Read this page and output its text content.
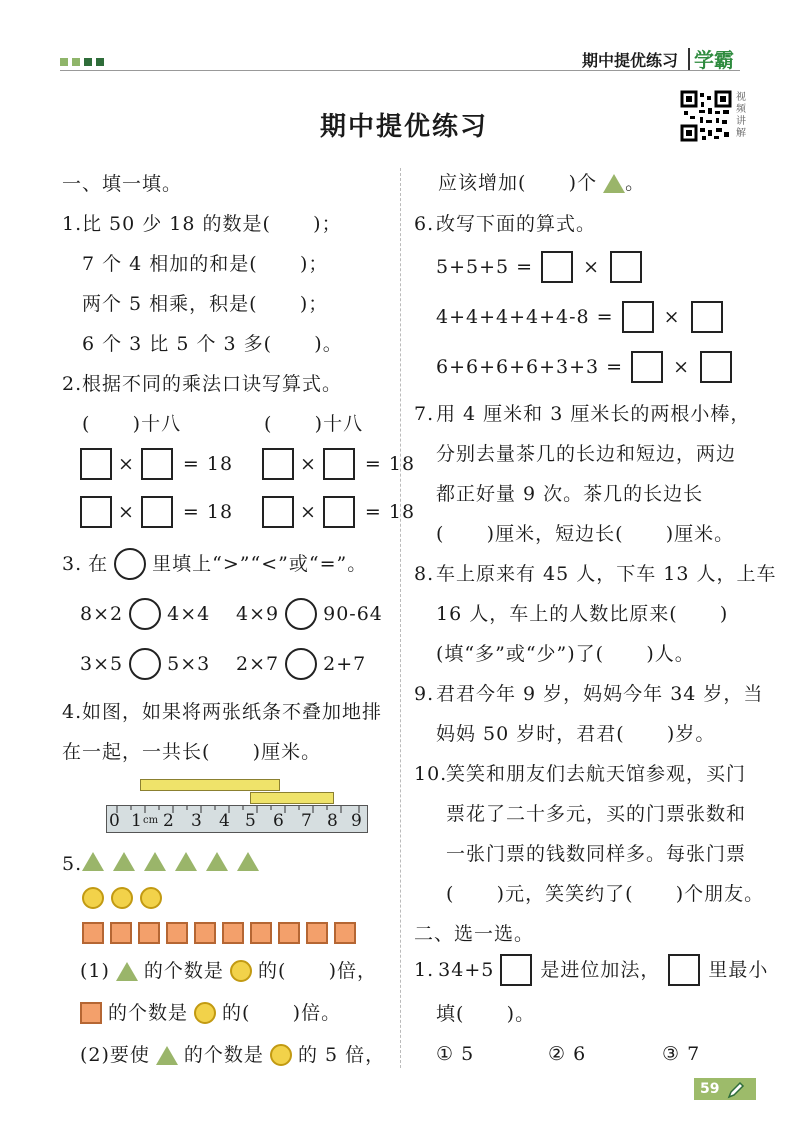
期中提优练习 学霸
期中提优练习
视频讲解
一、填一填。
1. 比 50 少 18 的数是(      )；
7 个 4 相加的和是(      )；
两个 5 相乘，积是(      )；
6 个 3 比 5 个 3 多(      )。
2. 根据不同的乘法口诀写算式。
(      )十八	(      )十八
×	= 18	×	= 18
×	= 18	×	= 18
3. 在 里填上“>”“<”或“=”。
8×2 4×4 4×9 90-64
3×5 5×3 2×7 2+7
4. 如图，如果将两张纸条不叠加地排
在一起，一共长(      )厘米。
0 1 cm 2 3 4 5 6 7 8 9
5.
(1) 的个数是 的(      )倍，
的个数是 的(      )倍。
(2)要使 的个数是 的 5 倍，
应该增加(      )个 。
6. 改写下面的算式。
5+5+5 =	×
4+4+4+4+4-8 =	×
6+6+6+6+3+3 =	×
7. 用 4 厘米和 3 厘米长的两根小棒，
分别去量茶几的长边和短边，两边
都正好量 9 次。茶几的长边长
(      )厘米，短边长(      )厘米。
8. 车上原来有 45 人，下车 13 人，上车
16 人，车上的人数比原来(      )
(填“多”或“少”)了(      )人。
9. 君君今年 9 岁，妈妈今年 34 岁，当
妈妈 50 岁时，君君(      )岁。
10.
笑笑和朋友们去航天馆参观，买门
票花了二十多元，买的门票张数和
一张门票的钱数同样多。每张门票
(      )元，笑笑约了(      )个朋友。
二、选一选。
1. 34+5 是进位加法，	里最小
填(      )。
① 5	② 6	③ 7
59
